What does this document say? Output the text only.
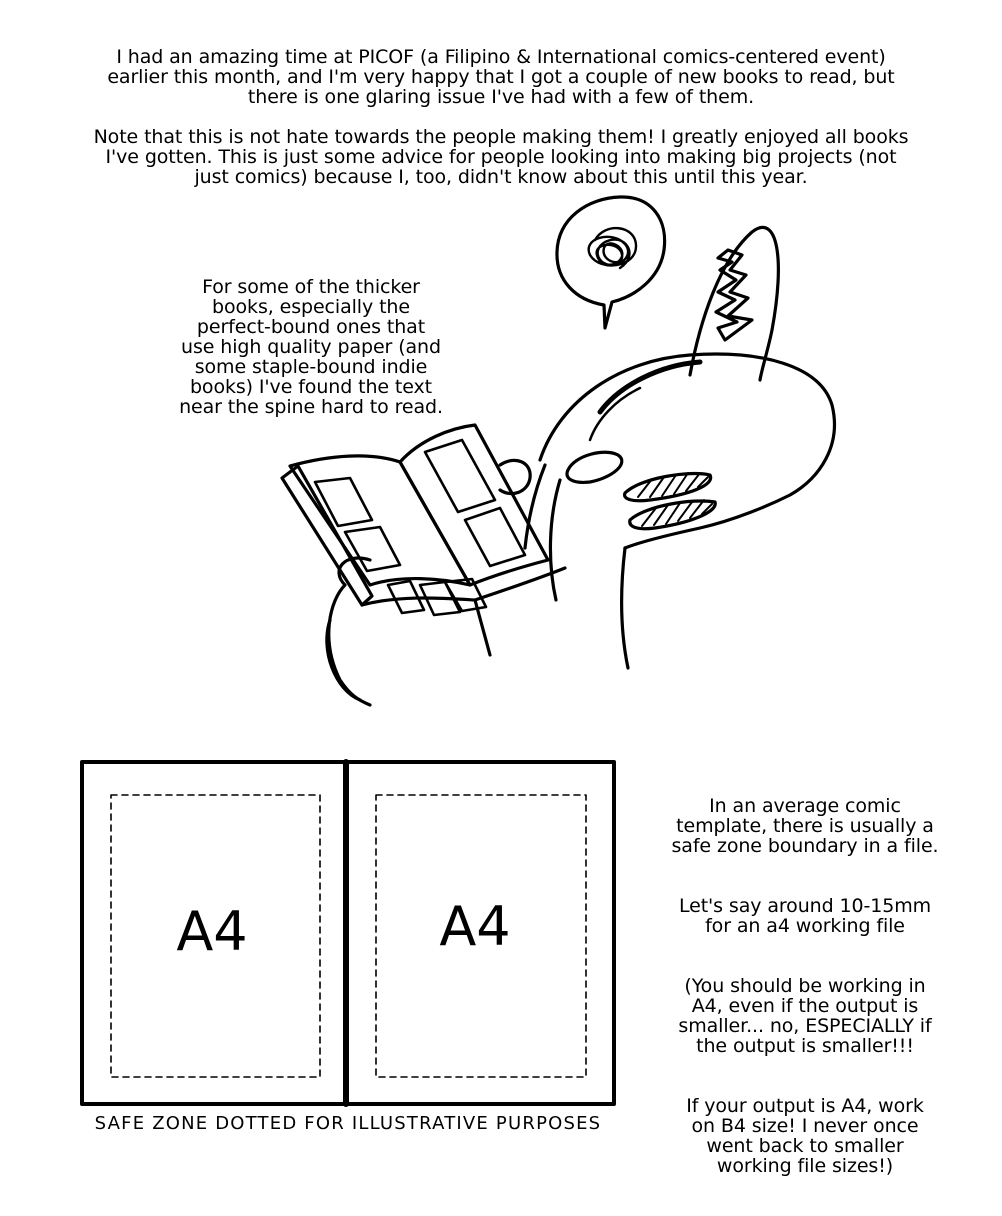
I had an amazing time at PICOF (a Filipino & International comics-centered event)
earlier this month, and I'm very happy that I got a couple of new books to read, but
there is one glaring issue I've had with a few of them.
Note that this is not hate towards the people making them! I greatly enjoyed all books
I've gotten. This is just some advice for people looking into making big projects (not
just comics) because I, too, didn't know about this until this year.
For some of the thicker
books, especially the
perfect-bound ones that
use high quality paper (and
some staple-bound indie
books) I've found the text
near the spine hard to read.
A4	A4
SAFE ZONE DOTTED FOR ILLUSTRATIVE PURPOSES

In an average comic
template, there is usually a
safe zone boundary in a file.

Let's say around 10-15mm
for an a4 working file

(You should be working in
A4, even if the output is
smaller... no, ESPECIALLY if
the output is smaller!!!

If your output is A4, work
on B4 size! I never once
went back to smaller
working file sizes!)
